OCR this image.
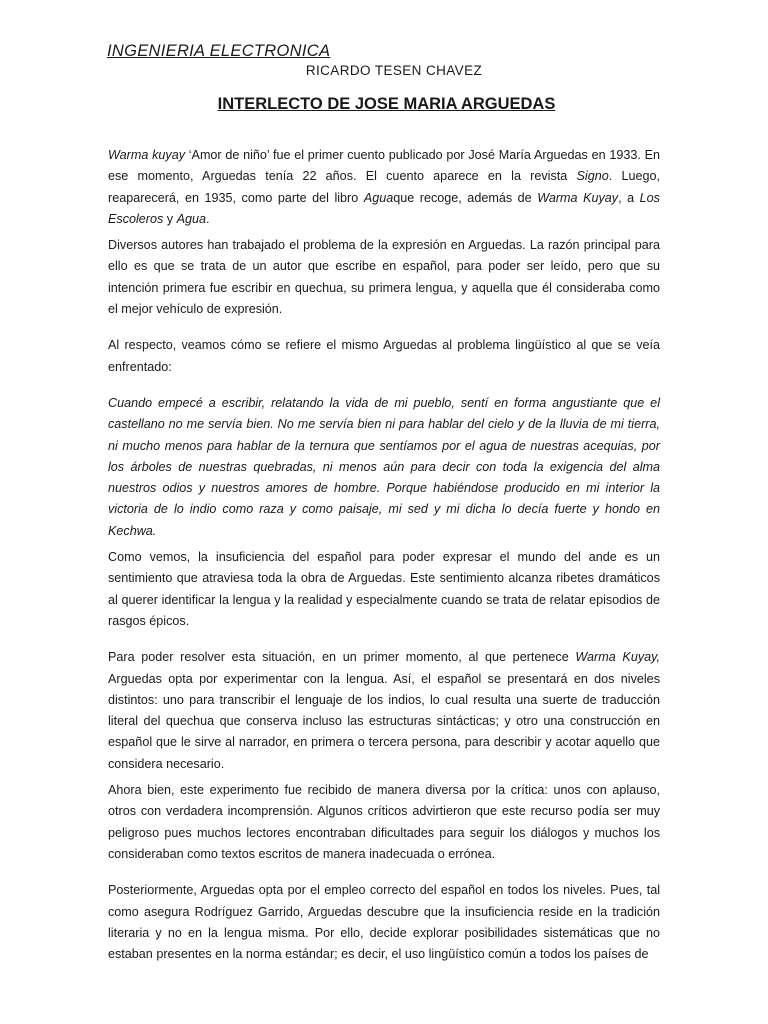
INGENIERIA ELECTRONICA

RICARDO TESEN CHAVEZ

INTERLECTO DE JOSE MARIA ARGUEDAS

Warma kuyay ‘Amor de niño’ fue el primer cuento publicado por José María Arguedas en 1933. En ese momento, Arguedas tenía 22 años. El cuento aparece en la revista Signo. Luego, reaparecerá, en 1935, como parte del libro Aguaque recoge, además de Warma Kuyay, a Los Escoleros y Agua.

Diversos autores han trabajado el problema de la expresión en Arguedas. La razón principal para ello es que se trata de un autor que escribe en español, para poder ser leído, pero que su intención primera fue escribir en quechua, su primera lengua, y aquella que él consideraba como el mejor vehículo de expresión.

Al respecto, veamos cómo se refiere el mismo Arguedas al problema lingüístico al que se veía enfrentado:

Cuando empecé a escribir, relatando la vida de mi pueblo, sentí en forma angustiante que el castellano no me servía bien. No me servía bien ni para hablar del cielo y de la lluvia de mi tierra, ni mucho menos para hablar de la ternura que sentíamos por el agua de nuestras acequias, por los árboles de nuestras quebradas, ni menos aún para decir con toda la exigencia del alma nuestros odios y nuestros amores de hombre. Porque habiéndose producido en mi interior la victoria de lo indio como raza y como paisaje, mi sed y mi dicha lo decía fuerte y hondo en Kechwa.

Como vemos, la insuficiencia del español para poder expresar el mundo del ande es un sentimiento que atraviesa toda la obra de Arguedas. Este sentimiento alcanza ribetes dramáticos al querer identificar la lengua y la realidad y especialmente cuando se trata de relatar episodios de rasgos épicos.

Para poder resolver esta situación, en un primer momento, al que pertenece Warma Kuyay, Arguedas opta por experimentar con la lengua. Así, el español se presentará en dos niveles distintos: uno para transcribir el lenguaje de los indios, lo cual resulta una suerte de traducción literal del quechua que conserva incluso las estructuras sintácticas; y otro una construcción en español que le sirve al narrador, en primera o tercera persona, para describir y acotar aquello que considera necesario.

Ahora bien, este experimento fue recibido de manera diversa por la crítica: unos con aplauso, otros con verdadera incomprensión. Algunos críticos advirtieron que este recurso podía ser muy peligroso pues muchos lectores encontraban dificultades para seguir los diálogos y muchos los consideraban como textos escritos de manera inadecuada o errónea.

Posteriormente, Arguedas opta por el empleo correcto del español en todos los niveles. Pues, tal como asegura Rodríguez Garrido, Arguedas descubre que la insuficiencia reside en la tradición literaria y no en la lengua misma. Por ello, decide explorar posibilidades sistemáticas que no estaban presentes en la norma estándar; es decir, el uso lingüístico común a todos los países de
